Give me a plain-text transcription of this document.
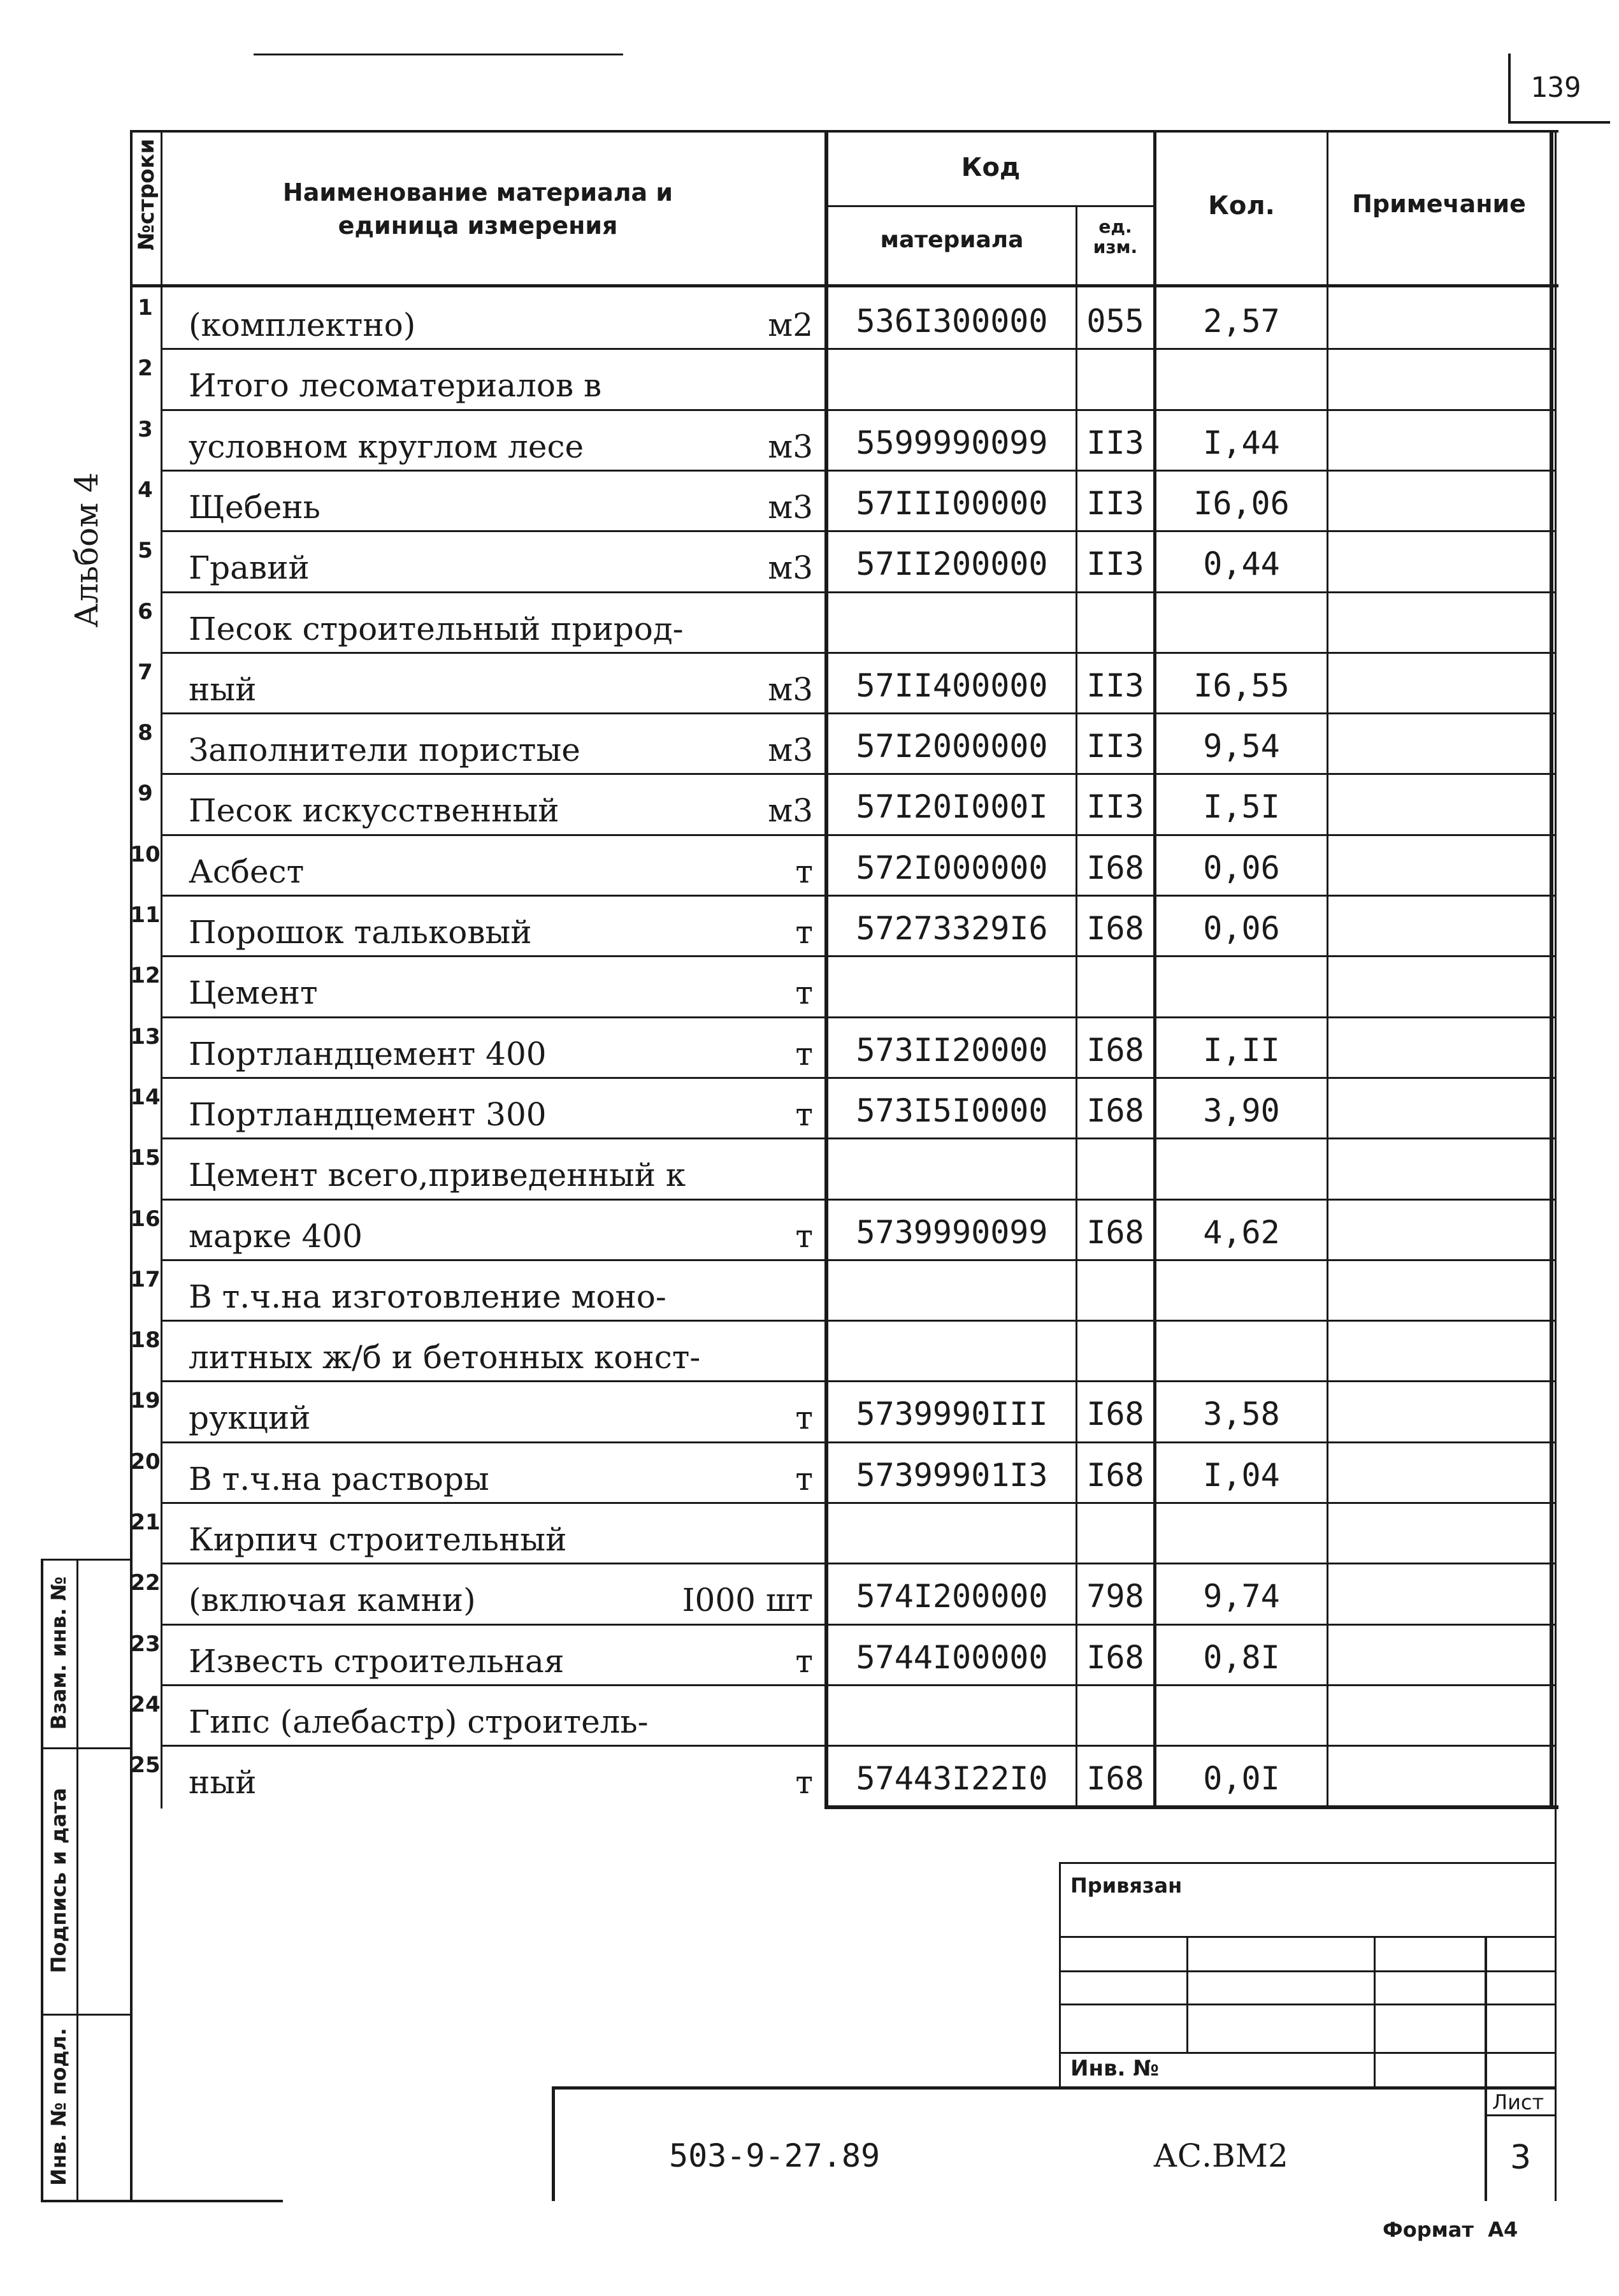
139
Альбом 4
№строки	Наименование материала и
единица измерения
Код
материала
ед.
изм.
Кол.	Примечание
1 (комплектно)	м2	536I300000	055	2,57
2 Итого лесоматериалов в
3 условном круглом лесе	м3	5599990099	II3	I,44
4 Щебень	м3	57III00000	II3	I6,06
5 Гравий	м3	57II200000	II3	0,44
6 Песок строительный природ-
7 ный	м3	57II400000	II3	I6,55
8 Заполнители пористые	м3	57I2000000	II3	9,54
9 Песок искусственный	м3	57I20I000I	II3	I,5I
10 Асбест	т	572I000000	I68	0,06
11 Порошок тальковый	т	57273329I6	I68	0,06
12 Цемент	т
13 Портландцемент 400	т	573II20000	I68	I,II
14 Портландцемент 300	т	573I5I0000	I68	3,90
15 Цемент всего,приведенный к
16 марке 400	т	5739990099	I68	4,62
17 В т.ч.на изготовление моно-
18 литных ж/б и бетонных конст-
19 рукций	т	5739990III	I68	3,58
20 В т.ч.на растворы	т	57399901I3	I68	I,04
21 Кирпич строительный
22 (включая камни)	I000 шт	574I200000	798	9,74
23 Известь строительная	т	5744I00000	I68	0,8I
24 Гипс (алебастр) строитель-
25 ный	т	57443I22I0	I68	0,0I
Взам. инв. №
Подпись и дата
Инв. № подл.
Привязан
Инв. №
503-9-27.89	АС.ВМ2
Лист
3
Формат  А4
